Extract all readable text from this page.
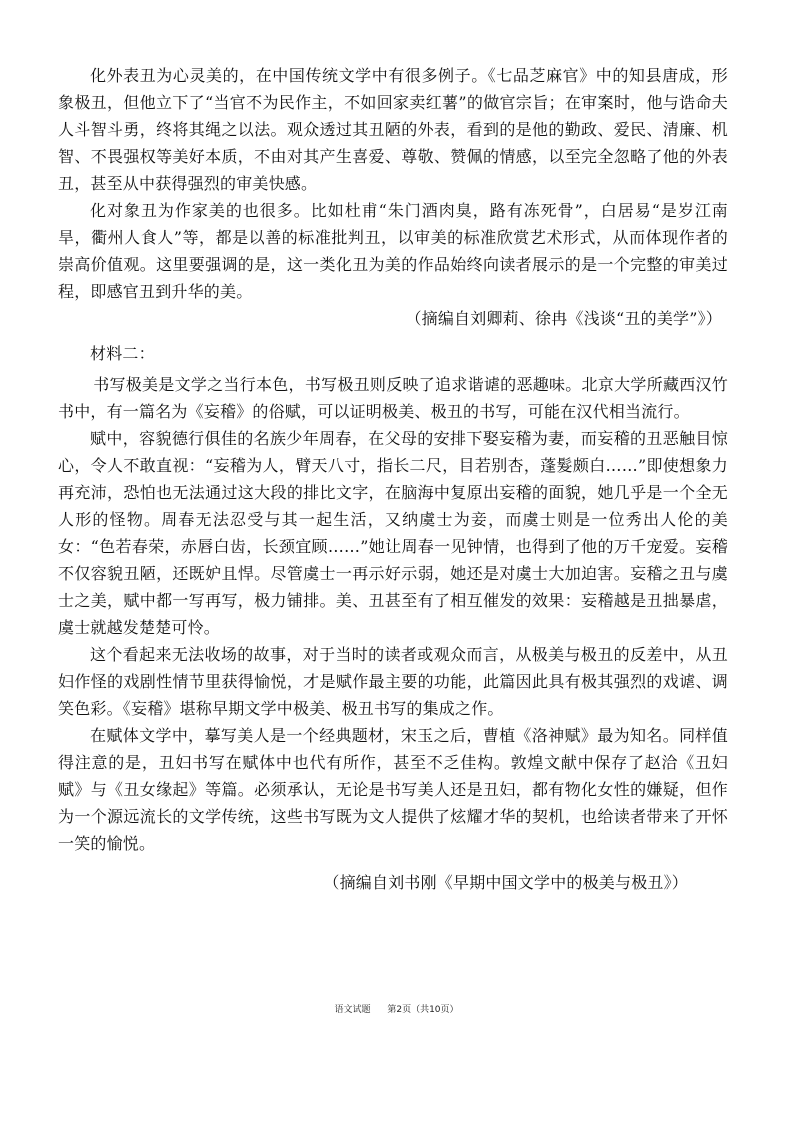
化外表丑为心灵美的，在中国传统文学中有很多例子。《七品芝麻官》中的知县唐成，形象极丑，但他立下了“当官不为民作主，不如回家卖红薯”的做官宗旨；在审案时，他与诰命夫人斗智斗勇，终将其绳之以法。观众透过其丑陋的外表，看到的是他的勤政、爱民、清廉、机智、不畏强权等美好本质，不由对其产生喜爱、尊敬、赞佩的情感，以至完全忽略了他的外表丑，甚至从中获得强烈的审美快感。

化对象丑为作家美的也很多。比如杜甫“朱门酒肉臭，路有冻死骨”，白居易“是岁江南旱，衢州人食人”等，都是以善的标准批判丑，以审美的标准欣赏艺术形式，从而体现作者的崇高价值观。这里要强调的是，这一类化丑为美的作品始终向读者展示的是一个完整的审美过程，即感官丑到升华的美。

（摘编自刘卿莉、徐冉《浅谈“丑的美学”》）

材料二：

书写极美是文学之当行本色，书写极丑则反映了追求谐谑的恶趣味。北京大学所藏西汉竹书中，有一篇名为《妄稽》的俗赋，可以证明极美、极丑的书写，可能在汉代相当流行。

赋中，容貌德行俱佳的名族少年周春，在父母的安排下娶妄稽为妻，而妄稽的丑恶触目惊心，令人不敢直视：“妄稽为人，臂天八寸，指长二尺，目若别杏，蓬髮颇白……”即使想象力再充沛，恐怕也无法通过这大段的排比文字，在脑海中复原出妄稽的面貌，她几乎是一个全无人形的怪物。周春无法忍受与其一起生活，又纳虞士为妾，而虞士则是一位秀出人伦的美女：“色若春荣，赤唇白齿，长颈宜顾……”她让周春一见钟情，也得到了他的万千宠爱。妄稽不仅容貌丑陋，还既妒且悍。尽管虞士一再示好示弱，她还是对虞士大加迫害。妄稽之丑与虞士之美，赋中都一写再写，极力铺排。美、丑甚至有了相互催发的效果：妄稽越是丑拙暴虐，虞士就越发楚楚可怜。

这个看起来无法收场的故事，对于当时的读者或观众而言，从极美与极丑的反差中，从丑妇作怪的戏剧性情节里获得愉悦，才是赋作最主要的功能，此篇因此具有极其强烈的戏谑、调笑色彩。《妄稽》堪称早期文学中极美、极丑书写的集成之作。

在赋体文学中，摹写美人是一个经典题材，宋玉之后，曹植《洛神赋》最为知名。同样值得注意的是，丑妇书写在赋体中也代有所作，甚至不乏佳构。敦煌文献中保存了赵洽《丑妇赋》与《丑女缘起》等篇。必须承认，无论是书写美人还是丑妇，都有物化女性的嫌疑，但作为一个源远流长的文学传统，这些书写既为文人提供了炫耀才华的契机，也给读者带来了开怀一笑的愉悦。

（摘编自刘书刚《早期中国文学中的极美与极丑》）

语文试题 第2页（共10页）
